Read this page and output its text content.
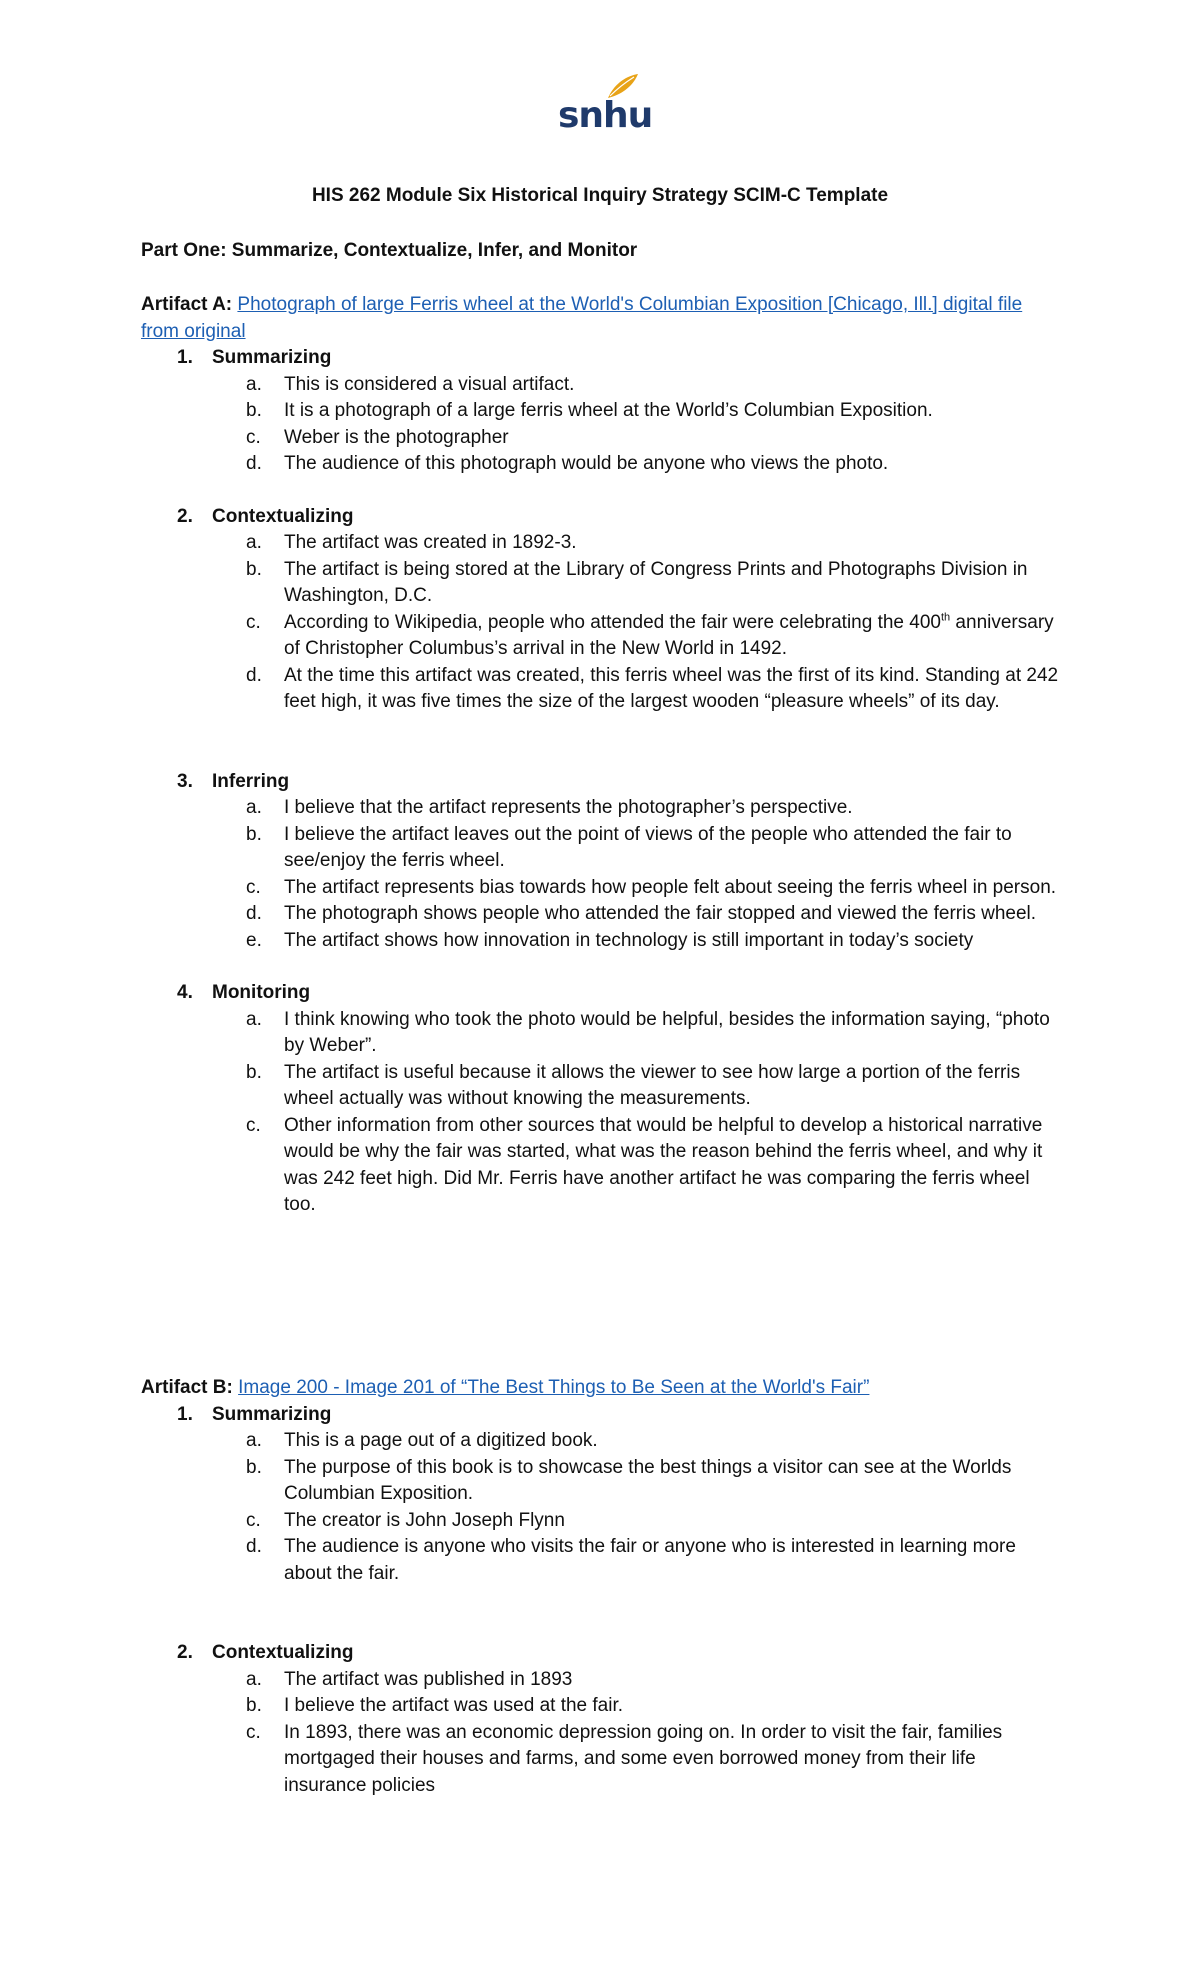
snhu

HIS 262 Module Six Historical Inquiry Strategy SCIM-C Template

Part One: Summarize, Contextualize, Infer, and Monitor

Artifact A: Photograph of large Ferris wheel at the World's Columbian Exposition [Chicago, Ill.] digital file from original

1. Summarizing

a. This is considered a visual artifact.

b. It is a photograph of a large ferris wheel at the World’s Columbian Exposition.

c. Weber is the photographer

d. The audience of this photograph would be anyone who views the photo.

2. Contextualizing

a. The artifact was created in 1892-3.

b. The artifact is being stored at the Library of Congress Prints and Photographs Division in Washington, D.C.

c. According to Wikipedia, people who attended the fair were celebrating the 400th anniversary of Christopher Columbus’s arrival in the New World in 1492.

d. At the time this artifact was created, this ferris wheel was the first of its kind. Standing at 242 feet high, it was five times the size of the largest wooden “pleasure wheels” of its day.

3. Inferring

a. I believe that the artifact represents the photographer’s perspective.

b. I believe the artifact leaves out the point of views of the people who attended the fair to see/enjoy the ferris wheel.

c. The artifact represents bias towards how people felt about seeing the ferris wheel in person.

d. The photograph shows people who attended the fair stopped and viewed the ferris wheel.

e. The artifact shows how innovation in technology is still important in today’s society

4. Monitoring

a. I think knowing who took the photo would be helpful, besides the information saying, “photo by Weber”.

b. The artifact is useful because it allows the viewer to see how large a portion of the ferris wheel actually was without knowing the measurements.

c. Other information from other sources that would be helpful to develop a historical narrative would be why the fair was started, what was the reason behind the ferris wheel, and why it was 242 feet high. Did Mr. Ferris have another artifact he was comparing the ferris wheel too.

Artifact B: Image 200 - Image 201 of “The Best Things to Be Seen at the World's Fair”

1. Summarizing

a. This is a page out of a digitized book.

b. The purpose of this book is to showcase the best things a visitor can see at the Worlds Columbian Exposition.

c. The creator is John Joseph Flynn

d. The audience is anyone who visits the fair or anyone who is interested in learning more about the fair.

2. Contextualizing

a. The artifact was published in 1893

b. I believe the artifact was used at the fair.

c. In 1893, there was an economic depression going on. In order to visit the fair, families mortgaged their houses and farms, and some even borrowed money from their life insurance policies
